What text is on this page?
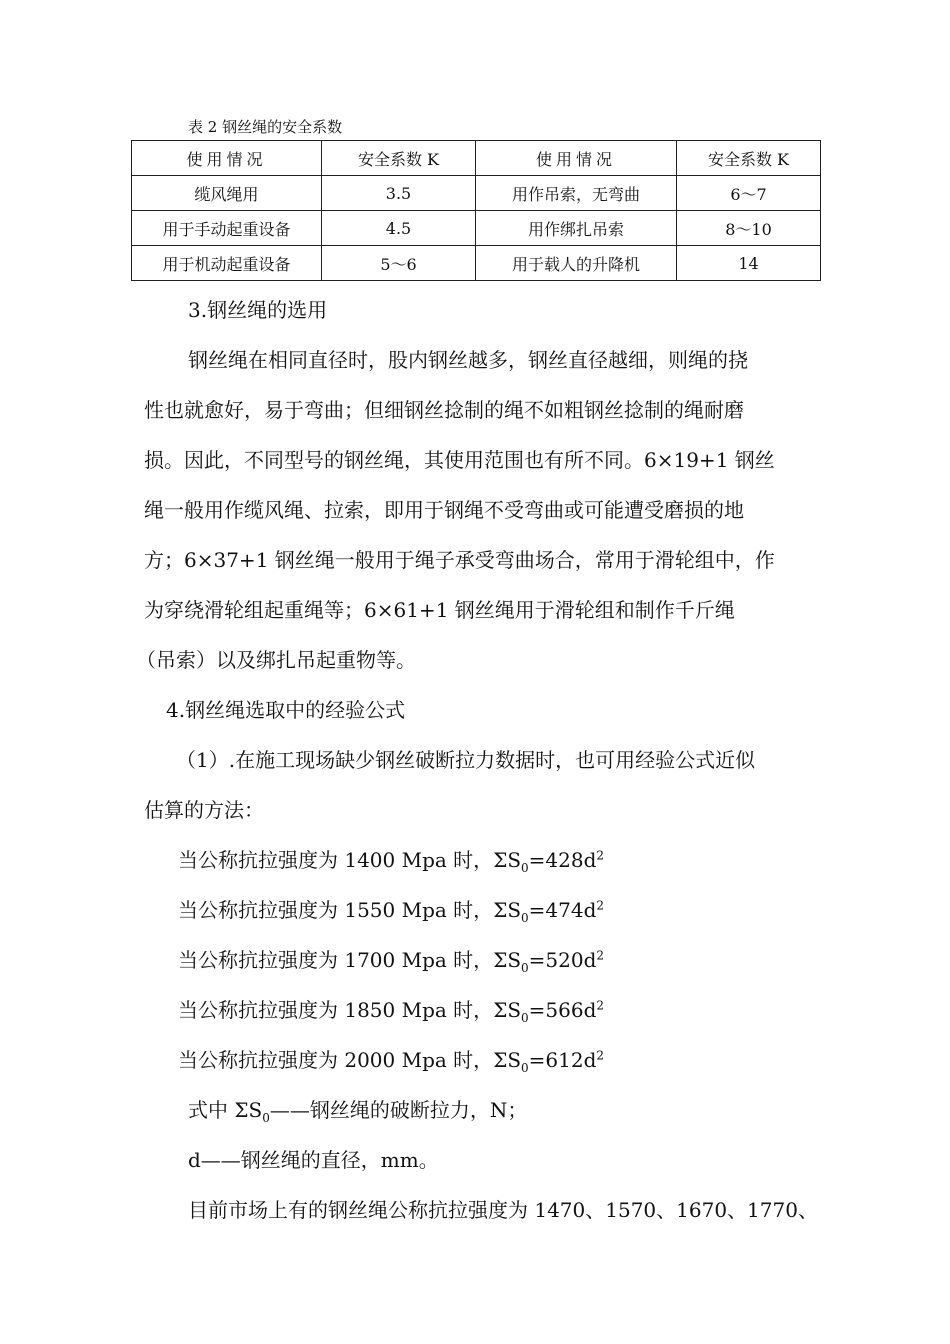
表 2 钢丝绳的安全系数
使用情况	安全系数 K	使用情况	安全系数 K
缆风绳用	3.5	用作吊索，无弯曲	6～7
用于手动起重设备	4.5	用作绑扎吊索	8～10
用于机动起重设备	5～6	用于载人的升降机	14
3.钢丝绳的选用
钢丝绳在相同直径时，股内钢丝越多，钢丝直径越细，则绳的挠
性也就愈好，易于弯曲；但细钢丝捻制的绳不如粗钢丝捻制的绳耐磨
损。因此，不同型号的钢丝绳，其使用范围也有所不同。6×19+1 钢丝
绳一般用作缆风绳、拉索，即用于钢绳不受弯曲或可能遭受磨损的地
方；6×37+1 钢丝绳一般用于绳子承受弯曲场合，常用于滑轮组中，作
为穿绕滑轮组起重绳等；6×61+1 钢丝绳用于滑轮组和制作千斤绳
（吊索）以及绑扎吊起重物等。
4.钢丝绳选取中的经验公式
（1）.在施工现场缺少钢丝破断拉力数据时，也可用经验公式近似
估算的方法：
当公称抗拉强度为 1400 Mpa 时，$\Sigma S_0=428d^2$
当公称抗拉强度为 1550 Mpa 时，$\Sigma S_0=474d^2$
当公称抗拉强度为 1700 Mpa 时，$\Sigma S_0=520d^2$
当公称抗拉强度为 1850 Mpa 时，$\Sigma S_0=566d^2$
当公称抗拉强度为 2000 Mpa 时，$\Sigma S_0=612d^2$
式中 $\Sigma S_0——$钢丝绳的破断拉力，N；
d——钢丝绳的直径，mm。
目前市场上有的钢丝绳公称抗拉强度为 1470、1570、1670、1770、
